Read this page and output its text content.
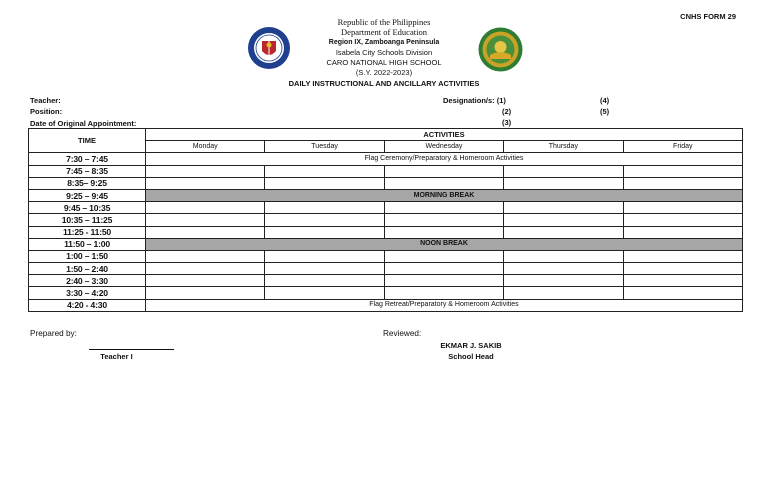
CNHS FORM 29
Republic of the Philippines
Department of Education
Region IX, Zamboanga Peninsula
Isabela City Schools Division
CARO NATIONAL HIGH SCHOOL
(S.Y. 2022-2023)
DAILY INSTRUCTIONAL AND ANCILLARY ACTIVITIES
Teacher:
Position:
Date of Original Appointment:
Designation/s: (1)
(2)
(3)
(4)
(5)
TIME	ACTIVITIES				
	Monday	Tuesday	Wednesday	Thursday	Friday
7:30 – 7:45	Flag Ceremony/Preparatory & Homeroom Activities				
7:45 – 8:35					
8:35– 9:25					
9:25 – 9:45	MORNING BREAK				
9:45 – 10:35					
10:35 – 11:25					
11:25 - 11:50					
11:50 – 1:00	NOON BREAK				
1:00 – 1:50					
1:50 – 2:40					
2:40 – 3:30					
3:30 – 4:20					
4:20 - 4:30	Flag Retreat/Preparatory & Homeroom Activities				
Prepared by:
Teacher I
Reviewed:
EKMAR J. SAKIB
School Head
